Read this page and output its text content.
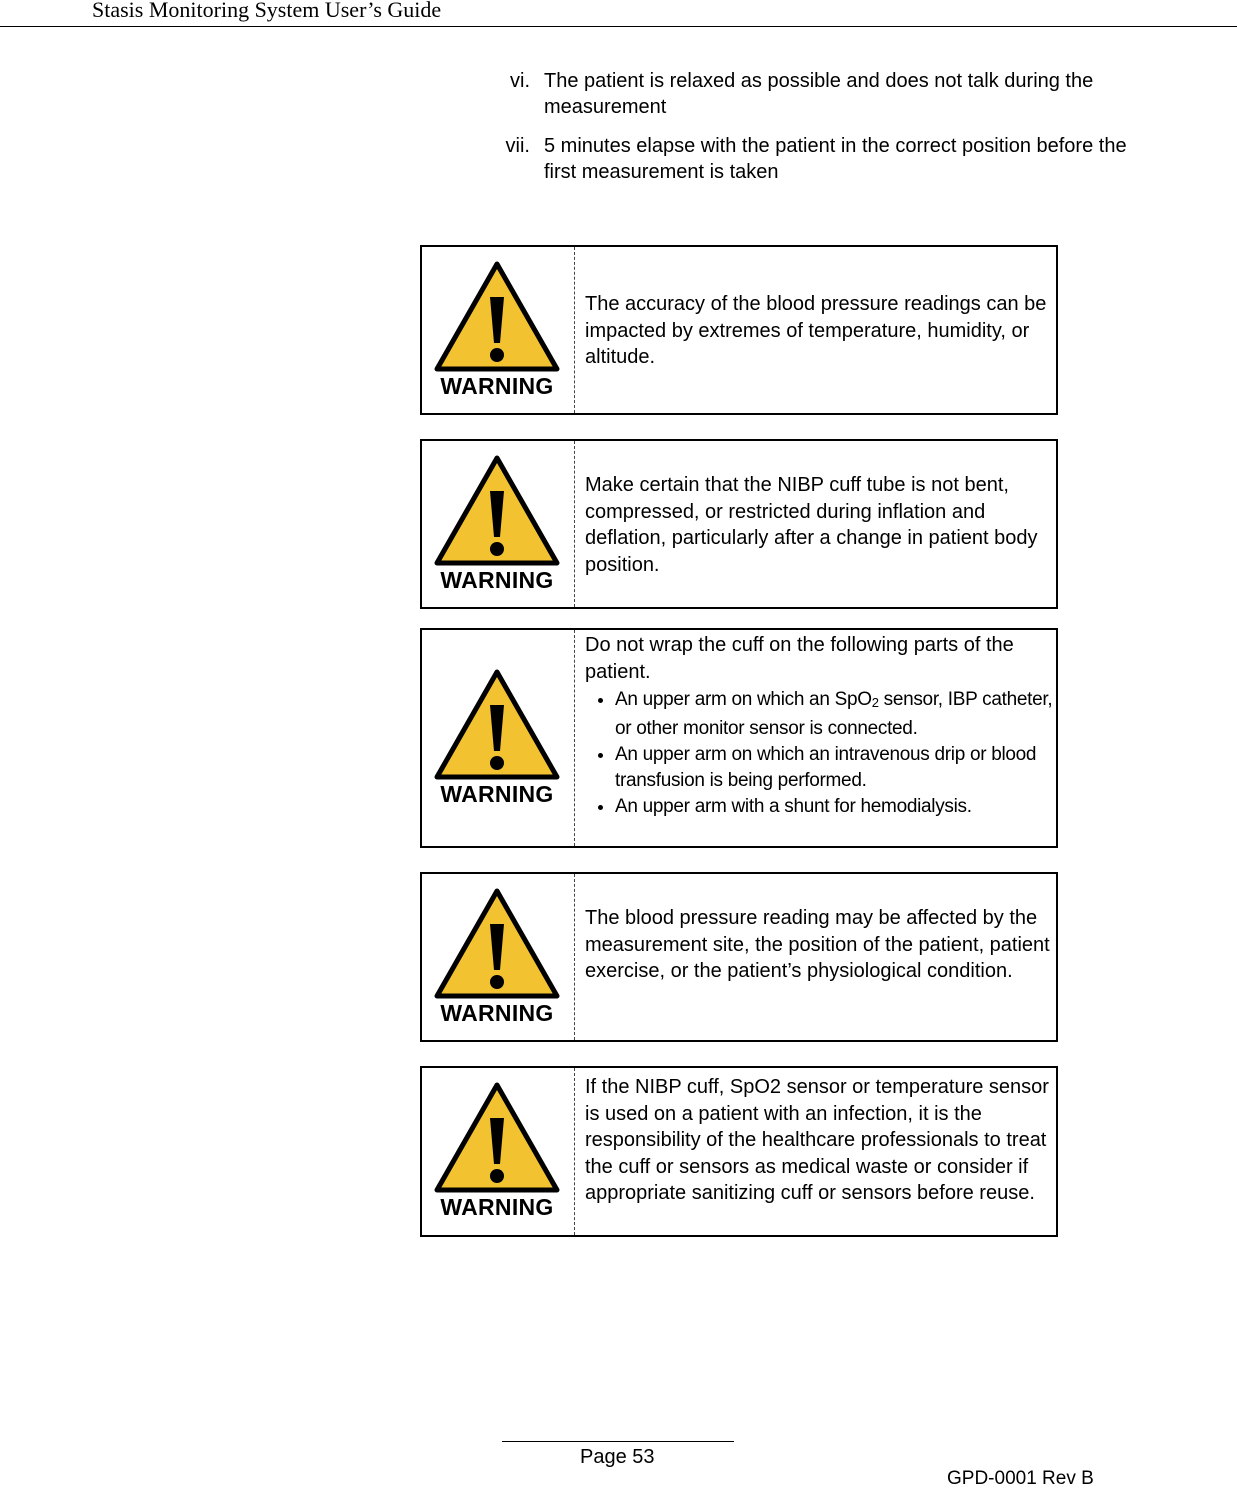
Stasis Monitoring System User’s Guide
vi. The patient is relaxed as possible and does not talk during the measurement
vii. 5 minutes elapse with the patient in the correct position before the first measurement is taken
WARNING
The accuracy of the blood pressure readings can be impacted by extremes of temperature, humidity, or altitude.
WARNING
Make certain that the NIBP cuff tube is not bent, compressed, or restricted during inflation and deflation, particularly after a change in patient body position.
WARNING
Do not wrap the cuff on the following parts of the patient.
• An upper arm on which an SpO$_2$ sensor, IBP catheter, or other monitor sensor is connected.
• An upper arm on which an intravenous drip or blood transfusion is being performed.
• An upper arm with a shunt for hemodialysis.
WARNING
The blood pressure reading may be affected by the measurement site, the position of the patient, patient exercise, or the patient’s physiological condition.
WARNING
If the NIBP cuff, SpO2 sensor or temperature sensor is used on a patient with an infection, it is the responsibility of the healthcare professionals to treat the cuff or sensors as medical waste or consider if appropriate sanitizing cuff or sensors before reuse.
Page 53
GPD-0001 Rev B
